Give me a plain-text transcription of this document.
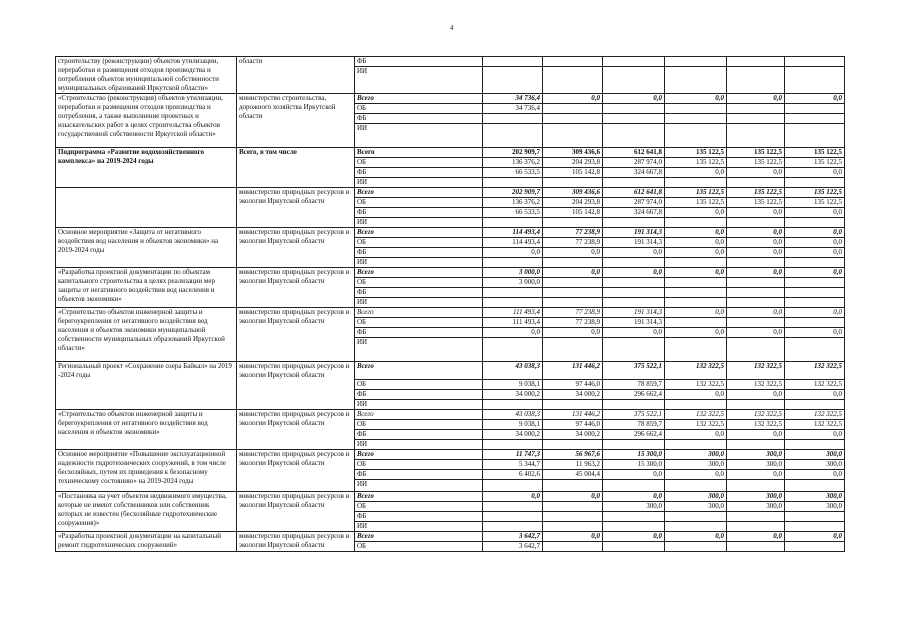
4
строительству (реконструкции) объектов утилизации, переработки и размещения отходов производства и потребления объектов муниципальной собственности муниципальных образований Иркутской области»	области	ФБ						
		ИИ						
«Строительство (реконструкция) объектов утилизации, переработки и размещения отходов производства и потребления, а также выполнение проектных и изыскательских работ в целях строительства объектов государственной собственности Иркутской области»	министерство строительства, дорожного хозяйства Иркутской области	Всего	34 736,4	0,0	0,0	0,0	0,0	0,0
		ОБ	34 736,4					
		ФБ						
		ИИ						
Подпрограмма «Развитие водохозяйственного комплекса» на 2019-2024 годы	Всего, в том числе	Всего	202 909,7	309 436,6	612 641,8	135 122,5	135 122,5	135 122,5
		ОБ	136 376,2	204 293,8	287 974,0	135 122,5	135 122,5	135 122,5
		ФБ	66 533,5	105 142,8	324 667,8	0,0	0,0	0,0
		ИИ						
	министерство природных ресурсов и экологии Иркутской области	Всего	202 909,7	309 436,6	612 641,8	135 122,5	135 122,5	135 122,5
		ОБ	136 376,2	204 293,8	287 974,0	135 122,5	135 122,5	135 122,5
		ФБ	66 533,5	105 142,8	324 667,8	0,0	0,0	0,0
		ИИ						
Основное мероприятие «Защита от негативного воздействия вод населения и объектов экономики» на 2019-2024 годы	министерство природных ресурсов и экологии Иркутской области	Всего	114 493,4	77 238,9	191 314,3	0,0	0,0	0,0
		ОБ	114 493,4	77 238,9	191 314,3	0,0	0,0	0,0
		ФБ	0,0	0,0	0,0	0,0	0,0	0,0
		ИИ						
«Разработка проектной документации по объектам капитального строительства в целях реализации мер защиты от негативного воздействия вод населения и объектов экономики»	министерство природных ресурсов и экологии Иркутской области	Всего	3 000,0	0,0	0,0	0,0	0,0	0,0
		ОБ	3 000,0					
		ФБ						
		ИИ						
«Строительство объектов инженерной защиты и берегоукрепления от негативного воздействия вод населения и объектов экономики муниципальной собственности муниципальных образований Иркутской области»	министерство природных ресурсов и экологии Иркутской области	Всего	111 493,4	77 238,9	191 314,3	0,0	0,0	0,0
		ОБ	111 493,4	77 238,9	191 314,3			
		ФБ	0,0	0,0	0,0	0,0	0,0	0,0
		ИИ						
Региональный проект «Сохранение озера Байкал» на 2019 -2024 годы	министерство природных ресурсов и экологии Иркутской области	Всего	43 038,3	131 446,2	375 522,1	132 322,5	132 322,5	132 322,5
		ОБ	9 038,1	97 446,0	78 859,7	132 322,5	132 322,5	132 322,5
		ФБ	34 000,2	34 000,2	296 662,4	0,0	0,0	0,0
		ИИ						
«Строительство объектов инженерной защиты и берегоукрепления от негативного воздействия вод населения и объектов экономики»	министерство природных ресурсов и экологии Иркутской области	Всего	43 038,3	131 446,2	375 522,1	132 322,5	132 322,5	132 322,5
		ОБ	9 038,1	97 446,0	78 859,7	132 322,5	132 322,5	132 322,5
		ФБ	34 000,2	34 000,2	296 662,4	0,0	0,0	0,0
		ИИ						
Основное мероприятие «Повышение эксплуатационной надежности гидротехнических сооружений, в том числе бесхозяйных, путем их приведения к безопасному техническому состоянию» на 2019-2024 годы	министерство природных ресурсов и экологии Иркутской области	Всего	11 747,3	56 967,6	15 300,0	300,0	300,0	300,0
		ОБ	5 344,7	11 963,2	15 300,0	300,0	300,0	300,0
		ФБ	6 402,6	45 004,4	0,0	0,0	0,0	0,0
		ИИ						
«Постановка на учет объектов недвижимого имущества, которые не имеют собственников или собственник которых не известен (бесхозяйные гидротехнические сооружения)»	министерство природных ресурсов и экологии Иркутской области	Всего	0,0	0,0	0,0	300,0	300,0	300,0
		ОБ			300,0	300,0	300,0	300,0
		ФБ						
		ИИ						
«Разработка проектной документации на капитальный ремонт гидротехнических сооружений»	министерство природных ресурсов и экологии Иркутской области	Всего	3 642,7	0,0	0,0	0,0	0,0	0,0
		ОБ	3 642,7					
